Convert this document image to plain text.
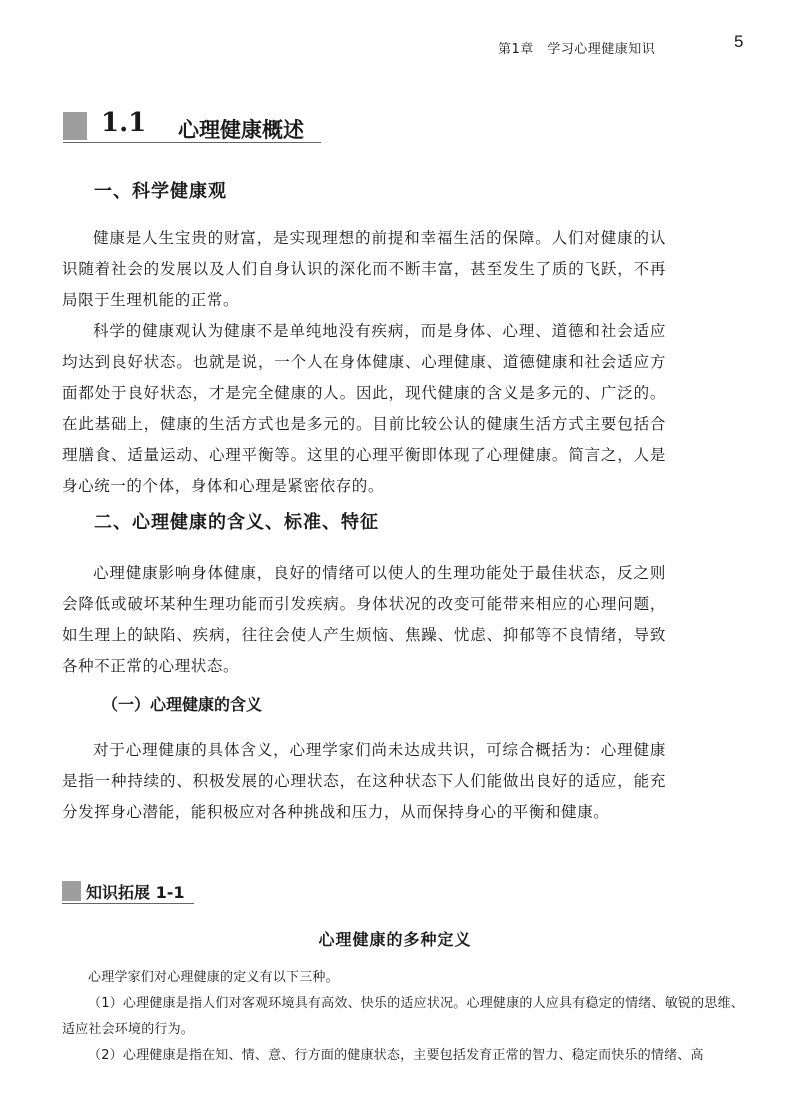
第1章　学习心理健康知识	5
1.1 心理健康概述
一、科学健康观

健康是人生宝贵的财富，是实现理想的前提和幸福生活的保障。人们对健康的认识随着社会的发展以及人们自身认识的深化而不断丰富，甚至发生了质的飞跃，不再局限于生理机能的正常。

科学的健康观认为健康不是单纯地没有疾病，而是身体、心理、道德和社会适应均达到良好状态。也就是说，一个人在身体健康、心理健康、道德健康和社会适应方面都处于良好状态，才是完全健康的人。因此，现代健康的含义是多元的、广泛的。在此基础上，健康的生活方式也是多元的。目前比较公认的健康生活方式主要包括合理膳食、适量运动、心理平衡等。这里的心理平衡即体现了心理健康。简言之，人是身心统一的个体，身体和心理是紧密依存的。

二、心理健康的含义、标准、特征

心理健康影响身体健康，良好的情绪可以使人的生理功能处于最佳状态，反之则会降低或破坏某种生理功能而引发疾病。身体状况的改变可能带来相应的心理问题，如生理上的缺陷、疾病，往往会使人产生烦恼、焦躁、忧虑、抑郁等不良情绪，导致各种不正常的心理状态。

（一）心理健康的含义

对于心理健康的具体含义，心理学家们尚未达成共识，可综合概括为：心理健康是指一种持续的、积极发展的心理状态，在这种状态下人们能做出良好的适应，能充分发挥身心潜能，能积极应对各种挑战和压力，从而保持身心的平衡和健康。

知识拓展 1-1
心理健康的多种定义

心理学家们对心理健康的定义有以下三种。

（1）心理健康是指人们对客观环境具有高效、快乐的适应状况。心理健康的人应具有稳定的情绪、敏锐的思维、适应社会环境的行为。

（2）心理健康是指在知、情、意、行方面的健康状态，主要包括发育正常的智力、稳定而快乐的情绪、高
